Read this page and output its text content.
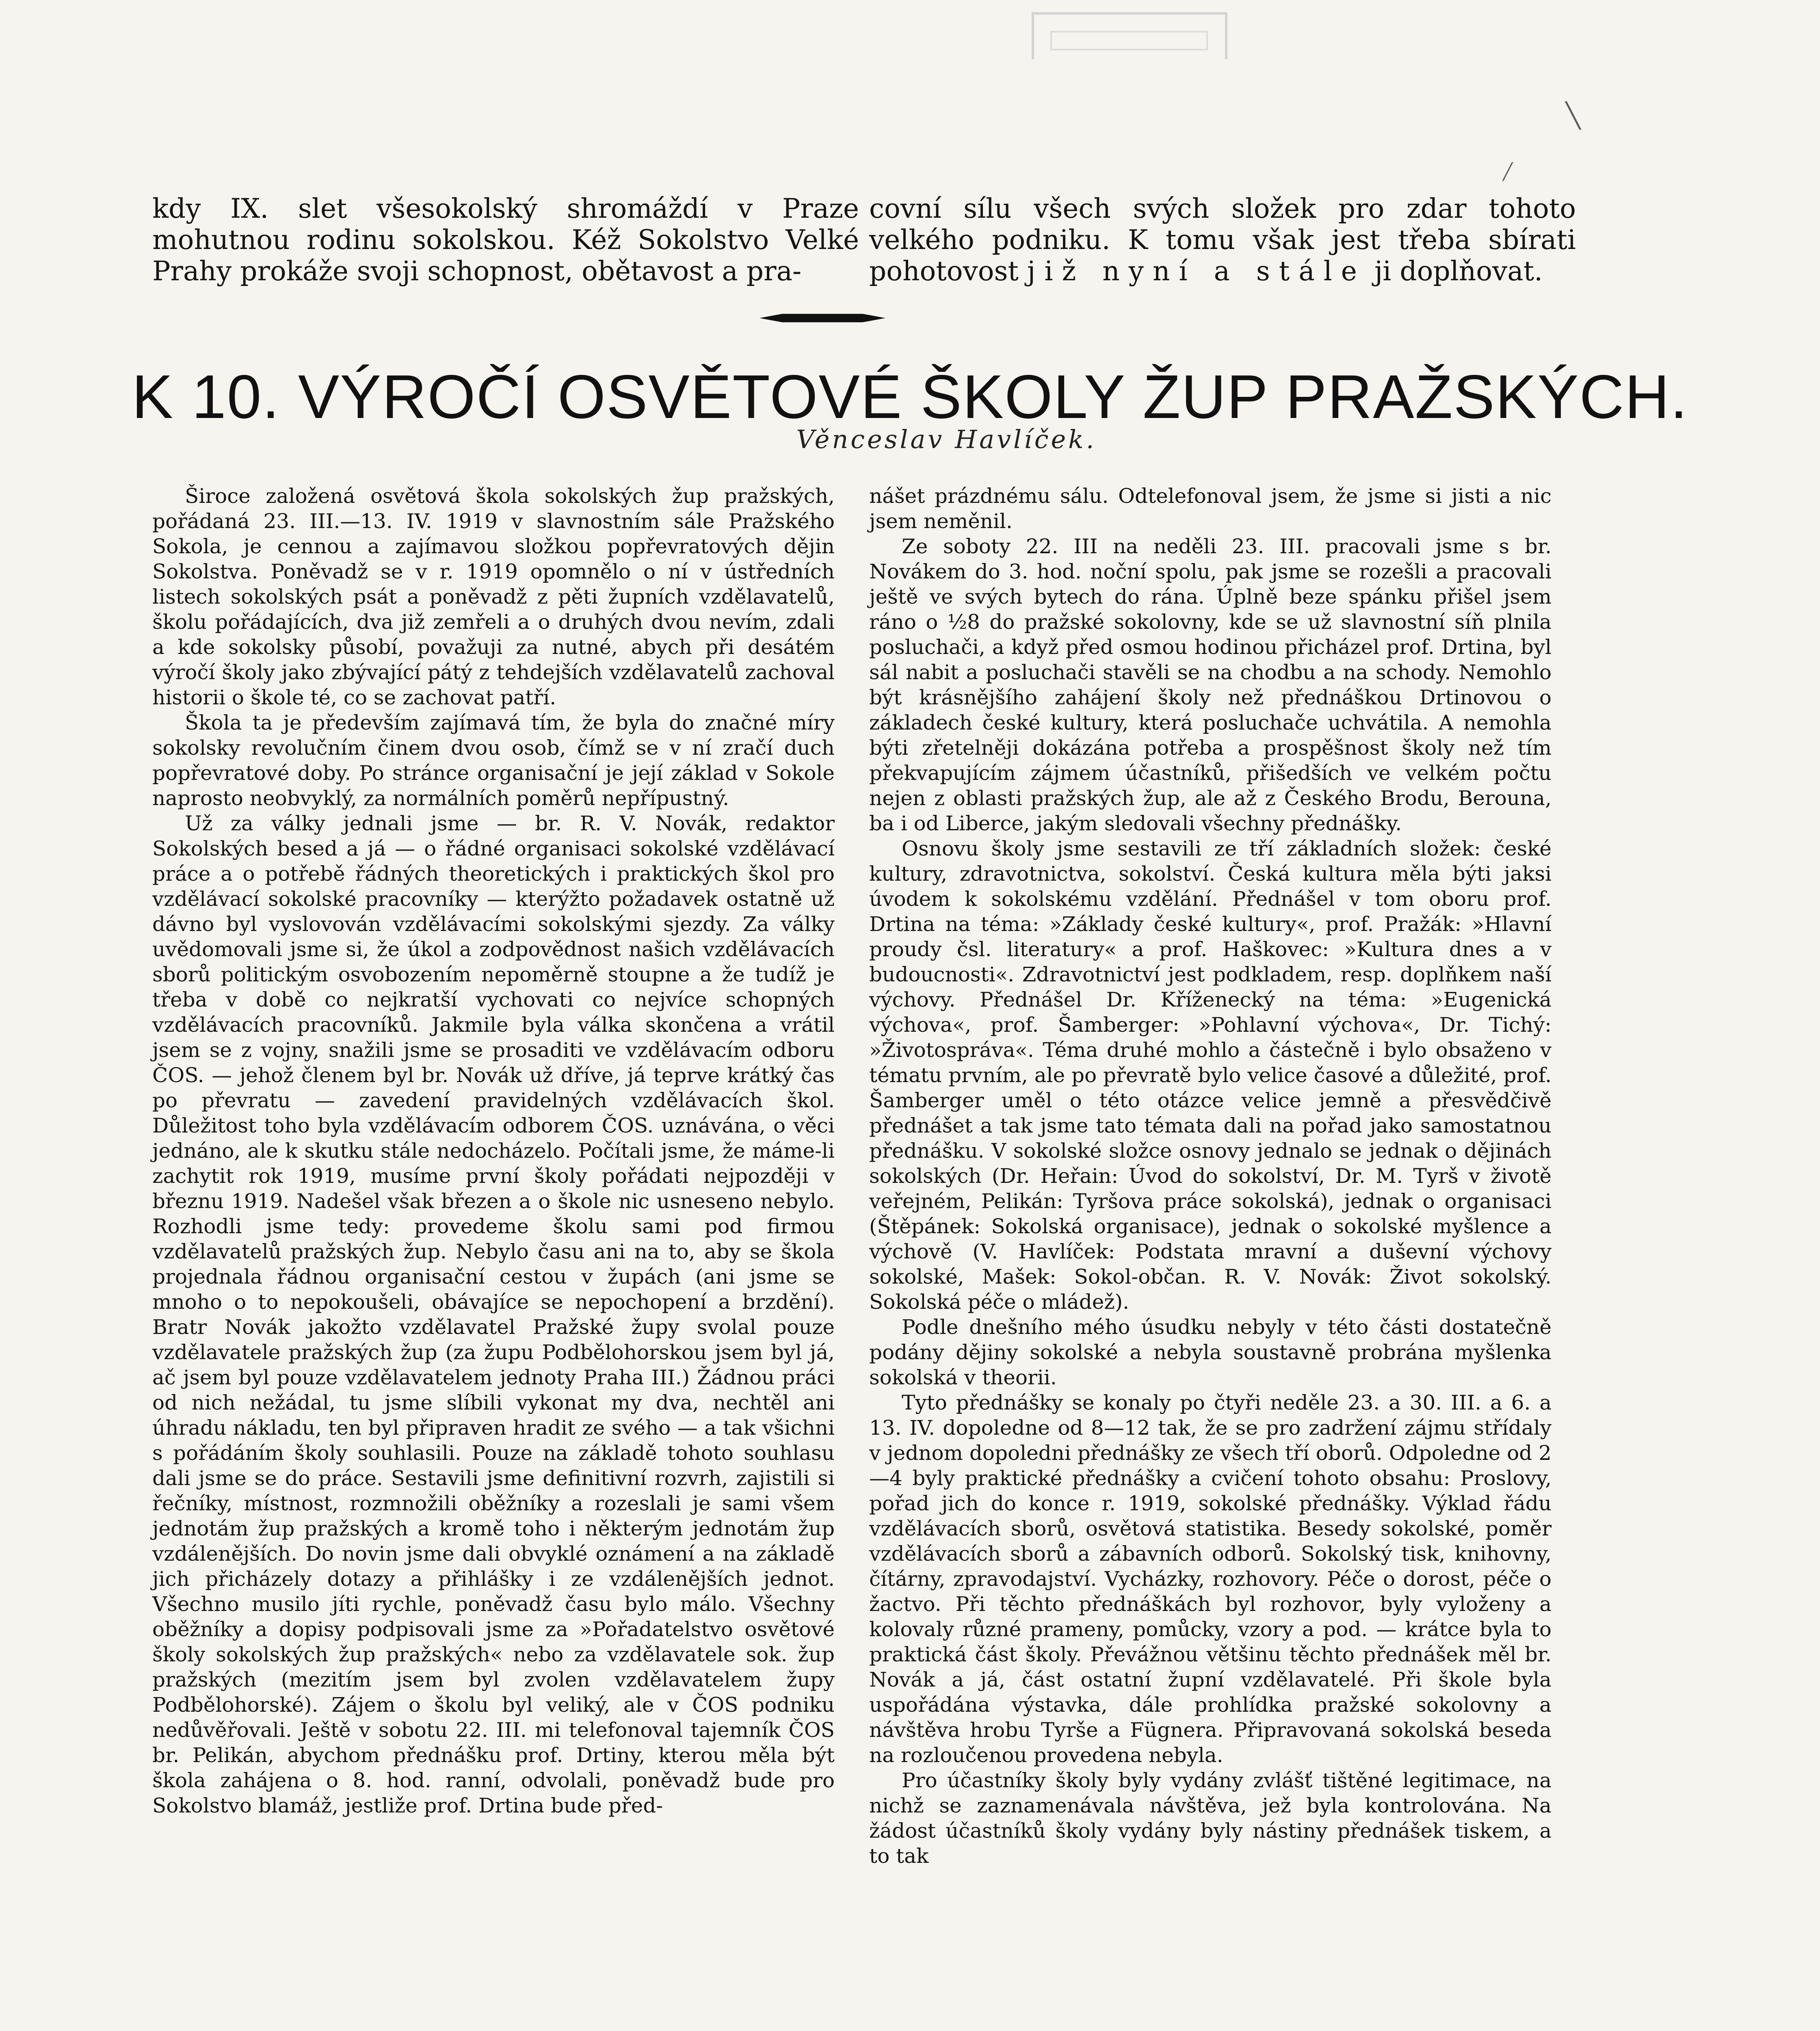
╲
╱

kdy IX. slet všesokolský shromáždí v Praze mohutnou rodinu sokolskou. Kéž Sokolstvo Velké Prahy prokáže svoji schopnost, obětavost a pra-

covní sílu všech svých složek pro zdar tohoto velkého podniku. K tomu však jest třeba sbírati pohotovost již nyní a stále ji doplňovat.

K 10. VÝROČÍ OSVĚTOVÉ ŠKOLY ŽUP PRAŽSKÝCH.
Věnceslav Havlíček.

Široce založená osvětová škola sokolských žup pražských, pořádaná 23. III.—13. IV. 1919 v slavnostním sále Pražského Sokola, je cennou a zajímavou složkou popřevratových dějin Sokolstva. Poněvadž se v r. 1919 opomnělo o ní v ústředních listech sokolských psát a poněvadž z pěti župních vzdělavatelů, školu pořádajících, dva již zemřeli a o druhých dvou nevím, zdali a kde sokolsky působí, považuji za nutné, abych při desátém výročí školy jako zbývající pátý z tehdejších vzdělavatelů zachoval historii o škole té, co se zachovat patří.

Škola ta je především zajímavá tím, že byla do značné míry sokolsky revolučním činem dvou osob, čímž se v ní zračí duch popřevratové doby. Po stránce organisační je její základ v Sokole naprosto neobvyklý, za normálních poměrů nepřípustný.

Už za války jednali jsme — br. R. V. Novák, redaktor Sokolských besed a já — o řádné organisaci sokolské vzdělávací práce a o potřebě řádných theoretických i praktických škol pro vzdělávací sokolské pracovníky — kterýžto požadavek ostatně už dávno byl vyslovován vzdělávacími sokolskými sjezdy. Za války uvědomovali jsme si, že úkol a zodpovědnost našich vzdělávacích sborů politickým osvobozením nepoměrně stoupne a že tudíž je třeba v době co nejkratší vychovati co nejvíce schopných vzdělávacích pracovníků. Jakmile byla válka skončena a vrátil jsem se z vojny, snažili jsme se prosaditi ve vzdělávacím odboru ČOS. — jehož členem byl br. Novák už dříve, já teprve krátký čas po převratu — zavedení pravidelných vzdělávacích škol. Důležitost toho byla vzdělávacím odborem ČOS. uznávána, o věci jednáno, ale k skutku stále nedocházelo. Počítali jsme, že máme-li zachytit rok 1919, musíme první školy pořádati nejpozději v březnu 1919. Nadešel však březen a o škole nic usneseno nebylo. Rozhodli jsme tedy: provedeme školu sami pod firmou vzdělavatelů pražských žup. Nebylo času ani na to, aby se škola projednala řádnou organisační cestou v župách (ani jsme se mnoho o to nepokoušeli, obávajíce se nepochopení a brzdění). Bratr Novák jakožto vzdělavatel Pražské župy svolal pouze vzdělavatele pražských žup (za župu Podbělohorskou jsem byl já, ač jsem byl pouze vzdělavatelem jednoty Praha III.) Žádnou práci od nich nežádal, tu jsme slíbili vykonat my dva, nechtěl ani úhradu nákladu, ten byl připraven hradit ze svého — a tak všichni s pořádáním školy souhlasili. Pouze na základě tohoto souhlasu dali jsme se do práce. Sestavili jsme definitivní rozvrh, zajistili si řečníky, místnost, rozmnožili oběžníky a rozeslali je sami všem jednotám žup pražských a kromě toho i některým jednotám žup vzdálenějších. Do novin jsme dali obvyklé oznámení a na základě jich přicházely dotazy a přihlášky i ze vzdálenějších jednot. Všechno musilo jíti rychle, poněvadž času bylo málo. Všechny oběžníky a dopisy podpisovali jsme za »Pořadatelstvo osvětové školy sokolských žup pražských« nebo za vzdělavatele sok. žup pražských (mezitím jsem byl zvolen vzdělavatelem župy Podbělohorské). Zájem o školu byl veliký, ale v ČOS podniku nedůvěřovali. Ještě v sobotu 22. III. mi telefonoval tajemník ČOS br. Pelikán, abychom přednášku prof. Drtiny, kterou měla být škola zahájena o 8. hod. ranní, odvolali, poněvadž bude pro Sokolstvo blamáž, jestliže prof. Drtina bude před-

nášet prázdnému sálu. Odtelefonoval jsem, že jsme si jisti a nic jsem neměnil.

Ze soboty 22. III na neděli 23. III. pracovali jsme s br. Novákem do 3. hod. noční spolu, pak jsme se rozešli a pracovali ještě ve svých bytech do rána. Úplně beze spánku přišel jsem ráno o ½8 do pražské sokolovny, kde se už slavnostní síň plnila posluchači, a když před osmou hodinou přicházel prof. Drtina, byl sál nabit a posluchači stavěli se na chodbu a na schody. Nemohlo být krásnějšího zahájení školy než přednáškou Drtinovou o základech české kultury, která posluchače uchvátila. A nemohla býti zřetelněji dokázána potřeba a prospěšnost školy než tím překvapujícím zájmem účastníků, přišedších ve velkém počtu nejen z oblasti pražských žup, ale až z Českého Brodu, Berouna, ba i od Liberce, jakým sledovali všechny přednášky.

Osnovu školy jsme sestavili ze tří základních složek: české kultury, zdravotnictva, sokolství. Česká kultura měla býti jaksi úvodem k sokolskému vzdělání. Přednášel v tom oboru prof. Drtina na téma: »Základy české kultury«, prof. Pražák: »Hlavní proudy čsl. literatury« a prof. Haškovec: »Kultura dnes a v budoucnosti«. Zdravotnictví jest podkladem, resp. doplňkem naší výchovy. Přednášel Dr. Kříženecký na téma: »Eugenická výchova«, prof. Šamberger: »Pohlavní výchova«, Dr. Tichý: »Životospráva«. Téma druhé mohlo a částečně i bylo obsaženo v tématu prvním, ale po převratě bylo velice časové a důležité, prof. Šamberger uměl o této otázce velice jemně a přesvědčivě přednášet a tak jsme tato témata dali na pořad jako samostatnou přednášku. V sokolské složce osnovy jednalo se jednak o dějinách sokolských (Dr. Heřain: Úvod do sokolství, Dr. M. Tyrš v životě veřejném, Pelikán: Tyršova práce sokolská), jednak o organisaci (Štěpánek: Sokolská organisace), jednak o sokolské myšlence a výchově (V. Havlíček: Podstata mravní a duševní výchovy sokolské, Mašek: Sokol-občan. R. V. Novák: Život sokolský. Sokolská péče o mládež).

Podle dnešního mého úsudku nebyly v této části dostatečně podány dějiny sokolské a nebyla soustavně probrána myšlenka sokolská v theorii.

Tyto přednášky se konaly po čtyři neděle 23. a 30. III. a 6. a 13. IV. dopoledne od 8—12 tak, že se pro zadržení zájmu střídaly v jednom dopoledni přednášky ze všech tří oborů. Odpoledne od 2—4 byly praktické přednášky a cvičení tohoto obsahu: Proslovy, pořad jich do konce r. 1919, sokolské přednášky. Výklad řádu vzdělávacích sborů, osvětová statistika. Besedy sokolské, poměr vzdělávacích sborů a zábavních odborů. Sokolský tisk, knihovny, čítárny, zpravodajství. Vycházky, rozhovory. Péče o dorost, péče o žactvo. Při těchto přednáškách byl rozhovor, byly vyloženy a kolovaly různé prameny, pomůcky, vzory a pod. — krátce byla to praktická část školy. Převážnou většinu těchto přednášek měl br. Novák a já, část ostatní župní vzdělavatelé. Při škole byla uspořádána výstavka, dále prohlídka pražské sokolovny a návštěva hrobu Tyrše a Fügnera. Připravovaná sokolská beseda na rozloučenou provedena nebyla.

Pro účastníky školy byly vydány zvlášť tištěné legitimace, na nichž se zaznamenávala návštěva, jež byla kontrolována. Na žádost účastníků školy vydány byly nástiny přednášek tiskem, a to tak
